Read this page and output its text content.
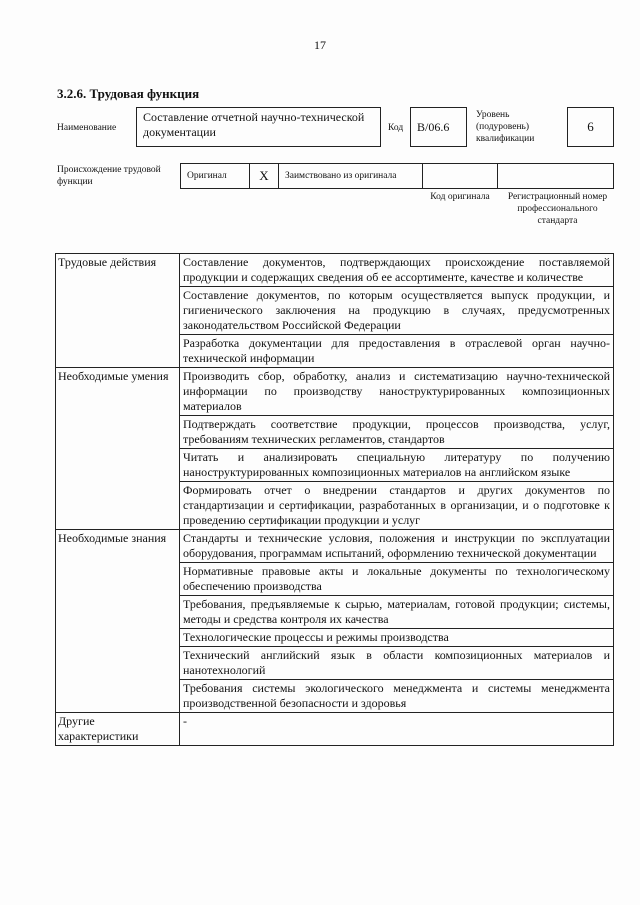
17
3.2.6. Трудовая функция
Наименование
Составление отчетной научно-технической документации	Код	В/06.6
Уровень (подуровень) квалификации
6
Происхождение трудовой функции
Оригинал	X	Заимствовано из оригинала
Код оригинала	Регистрационный номер профессионального стандарта
Трудовые действия	Составление документов, подтверждающих происхождение поставляемой продукции и содержащих сведения об ее ассортименте, качестве и количестве
	Составление документов, по которым осуществляется выпуск продукции, и гигиенического заключения на продукцию в случаях, предусмотренных законодательством Российской Федерации
	Разработка документации для предоставления в отраслевой орган научно-технической информации
Необходимые умения	Производить сбор, обработку, анализ и систематизацию научно-технической информации по производству наноструктурированных композиционных материалов
	Подтверждать соответствие продукции, процессов производства, услуг, требованиям технических регламентов, стандартов
	Читать и анализировать специальную литературу по получению наноструктурированных композиционных материалов на английском языке
	Формировать отчет о внедрении стандартов и других документов по стандартизации и сертификации, разработанных в организации, и о подготовке к проведению сертификации продукции и услуг
Необходимые знания	Стандарты и технические условия, положения и инструкции по эксплуатации оборудования, программам испытаний, оформлению технической документации
	Нормативные правовые акты и локальные документы по технологическому обеспечению производства
	Требования, предъявляемые к сырью, материалам, готовой продукции; системы, методы и средства контроля их качества
	Технологические процессы и режимы производства
	Технический английский язык в области композиционных материалов и нанотехнологий
	Требования системы экологического менеджмента и системы менеджмента производственной безопасности и здоровья
Другие характеристики	-
